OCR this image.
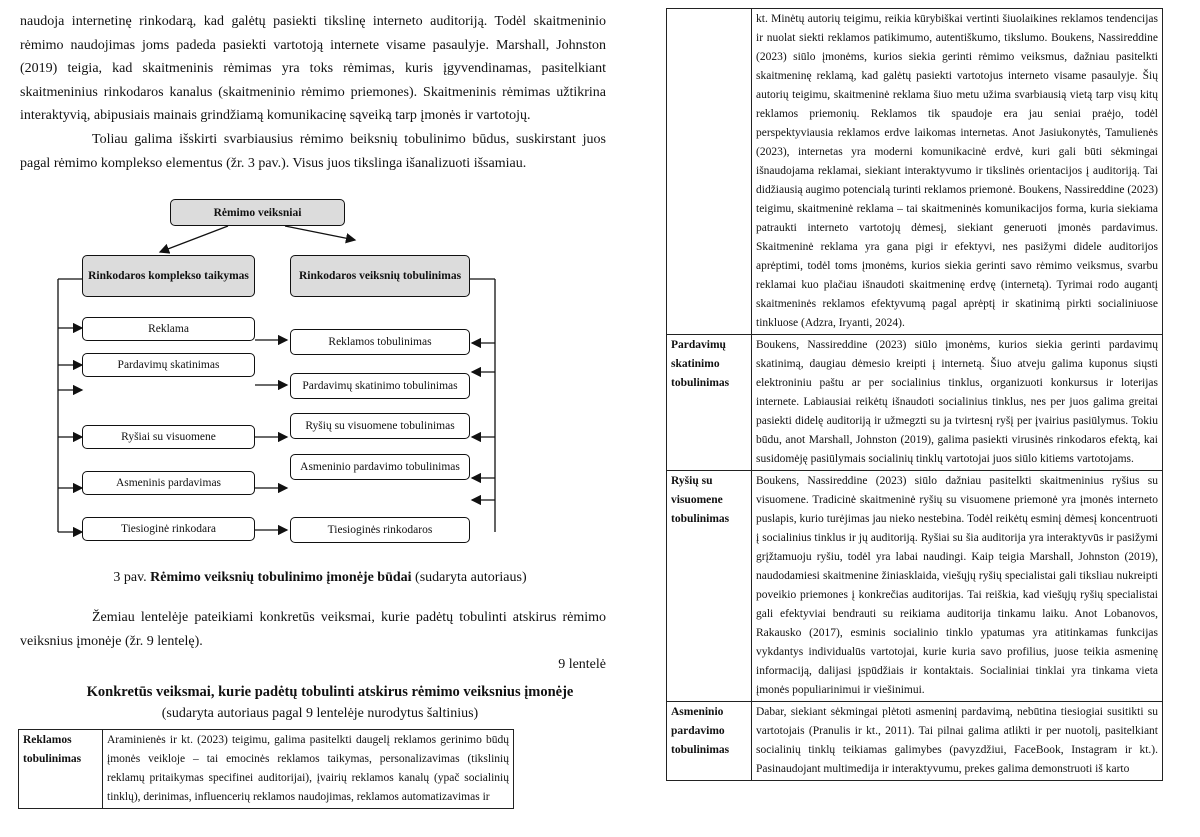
naudoja internetinę rinkodarą, kad galėtų pasiekti tikslinę interneto auditoriją. Todėl skaitmeninio rėmimo naudojimas joms padeda pasiekti vartotoją internete visame pasaulyje. Marshall, Johnston (2019) teigia, kad skaitmeninis rėmimas yra toks rėmimas, kuris įgyvendinamas, pasitelkiant skaitmeninius rinkodaros kanalus (skaitmeninio rėmimo priemones). Skaitmeninis rėmimas užtikrina interaktyvią, abipusiais mainais grindžiamą komunikacinę sąveiką tarp įmonės ir vartotojų.

Toliau galima išskirti svarbiausius rėmimo beiksnių tobulinimo būdus, suskirstant juos pagal rėmimo komplekso elementus (žr. 3 pav.). Visus juos tikslinga išanalizuoti išsamiau.

Rėmimo veiksniai
Rinkodaros komplekso taikymas	Rinkodaros veiksnių tobulinimas
Reklama
Pardavimų skatinimas
Ryšiai su visuomene
Asmeninis pardavimas
Tiesioginė rinkodara
Reklamos tobulinimas
Pardavimų skatinimo tobulinimas
Ryšių su visuomene tobulinimas
Asmeninio pardavimo tobulinimas
Tiesioginės rinkodaros
3 pav. Rėmimo veiksnių tobulinimo įmonėje būdai (sudaryta autoriaus)

Žemiau lentelėje pateikiami konkretūs veiksmai, kurie padėtų tobulinti atskirus rėmimo veiksnius įmonėje (žr. 9 lentelę).

9 lentelė
Konkretūs veiksmai, kurie padėtų tobulinti atskirus rėmimo veiksnius įmonėje
(sudaryta autoriaus pagal 9 lentelėje nurodytus šaltinius)
Reklamos tobulinimas	Araminienės ir kt. (2023) teigimu, galima pasitelkti daugelį reklamos gerinimo būdų įmonės veikloje – tai emocinės reklamos taikymas, personalizavimas (tikslinių reklamų pritaikymas specifinei auditorijai), įvairių reklamos kanalų (ypač socialinių tinklų), derinimas, influencerių reklamos naudojimas, reklamos automatizavimas ir
	kt. Minėtų autorių teigimu, reikia kūrybiškai vertinti šiuolaikines reklamos tendencijas ir nuolat siekti reklamos patikimumo, autentiškumo, tikslumo. Boukens, Nassireddine (2023) siūlo įmonėms, kurios siekia gerinti rėmimo veiksmus, dažniau pasitelkti skaitmeninę reklamą, kad galėtų pasiekti vartotojus interneto visame pasaulyje. Šių autorių teigimu, skaitmeninė reklama šiuo metu užima svarbiausią vietą tarp visų kitų reklamos priemonių. Reklamos tik spaudoje era jau seniai praėjo, todėl perspektyviausia reklamos erdve laikomas internetas. Anot Jasiukonytės, Tamulienės (2023), internetas yra moderni komunikacinė erdvė, kuri gali būti sėkmingai išnaudojama reklamai, siekiant interaktyvumo ir tikslinės orientacijos į auditoriją. Tai didžiausią augimo potencialą turinti reklamos priemonė. Boukens, Nassireddine (2023) teigimu, skaitmeninė reklama – tai skaitmeninės komunikacijos forma, kuria siekiama patraukti interneto vartotojų dėmesį, siekiant generuoti įmonės pardavimus. Skaitmeninė reklama yra gana pigi ir efektyvi, nes pasižymi didele auditorijos aprėptimi, todėl toms įmonėms, kurios siekia gerinti savo rėmimo veiksmus, svarbu reklamai kuo plačiau išnaudoti skaitmeninę erdvę (internetą). Tyrimai rodo augantį skaitmeninės reklamos efektyvumą pagal aprėptį ir skatinimą pirkti socialiniuose tinkluose (Adzra, Iryanti, 2024).
Pardavimų skatinimo tobulinimas	Boukens, Nassireddine (2023) siūlo įmonėms, kurios siekia gerinti pardavimų skatinimą, daugiau dėmesio kreipti į internetą. Šiuo atveju galima kuponus siųsti elektroniniu paštu ar per socialinius tinklus, organizuoti konkursus ir loterijas internete. Labiausiai reikėtų išnaudoti socialinius tinklus, nes per juos galima greitai pasiekti didelę auditoriją ir užmegzti su ja tvirtesnį ryšį per įvairius pasiūlymus. Tokiu būdu, anot Marshall, Johnston (2019), galima pasiekti virusinės rinkodaros efektą, kai susidomėję pasiūlymais socialinių tinklų vartotojai juos siūlo kitiems vartotojams.
Ryšių su visuomene tobulinimas	Boukens, Nassireddine (2023) siūlo dažniau pasitelkti skaitmeninius ryšius su visuomene. Tradicinė skaitmeninė ryšių su visuomene priemonė yra įmonės interneto puslapis, kurio turėjimas jau nieko nestebina. Todėl reikėtų esminį dėmesį koncentruoti į socialinius tinklus ir jų auditoriją. Ryšiai su šia auditorija yra interaktyvūs ir pasižymi grįžtamuoju ryšiu, todėl yra labai naudingi. Kaip teigia Marshall, Johnston (2019), naudodamiesi skaitmenine žiniasklaida, viešųjų ryšių specialistai gali tiksliau nukreipti poveikio priemones į konkrečias auditorijas. Tai reiškia, kad viešųjų ryšių specialistai gali efektyviai bendrauti su reikiama auditorija tinkamu laiku. Anot Lobanovos, Rakausko (2017), esminis socialinio tinklo ypatumas yra atitinkamas funkcijas vykdantys individualūs vartotojai, kurie kuria savo profilius, juose teikia asmeninę informaciją, dalijasi įspūdžiais ir kontaktais. Socialiniai tinklai yra tinkama vieta įmonės populiarinimui ir viešinimui.
Asmeninio pardavimo tobulinimas	Dabar, siekiant sėkmingai plėtoti asmeninį pardavimą, nebūtina tiesiogiai susitikti su vartotojais (Pranulis ir kt., 2011). Tai pilnai galima atlikti ir per nuotolį, pasitelkiant socialinių tinklų teikiamas galimybes (pavyzdžiui, FaceBook, Instagram ir kt.). Pasinaudojant multimedija ir interaktyvumu, prekes galima demonstruoti iš karto
